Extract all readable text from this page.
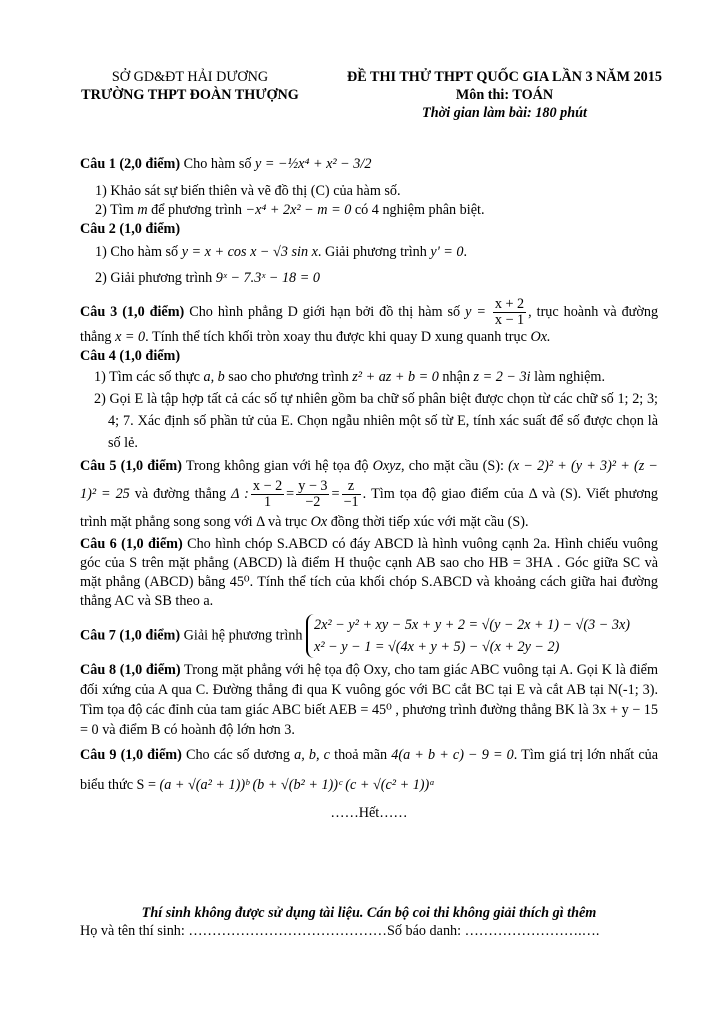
SỞ GD&ĐT HẢI DƯƠNG
TRƯỜNG THPT ĐOÀN THƯỢNG
ĐỀ THI THỬ THPT QUỐC GIA LẦN 3 NĂM 2015
Môn thi: TOÁN
Thời gian làm bài: 180 phút
Câu 1 (2,0 điểm) Cho hàm số y = −½x⁴ + x² − 3/2

1) Khảo sát sự biến thiên và vẽ đồ thị (C) của hàm số.

2) Tìm m để phương trình −x⁴ + 2x² − m = 0 có 4 nghiệm phân biệt.

Câu 2 (1,0 điểm)

1) Cho hàm số y = x + cos x − √3 sin x. Giải phương trình y' = 0.

2) Giải phương trình 9ˣ − 7.3ˣ − 18 = 0

Câu 3 (1,0 điểm) Cho hình phẳng D giới hạn bởi đồ thị hàm số $y = \frac{x + 2}{x - 1}$ , trục hoành và đường thẳng x = 0. Tính thể tích khối tròn xoay thu được khi quay D xung quanh trục Ox.

Câu 4 (1,0 điểm)

1) Tìm các số thực a, b sao cho phương trình z² + az + b = 0 nhận z = 2 − 3i làm nghiệm.

2) Gọi E là tập hợp tất cả các số tự nhiên gồm ba chữ số phân biệt được chọn từ các chữ số 1; 2; 3; 4; 7. Xác định số phần tử của E. Chọn ngẫu nhiên một số từ E, tính xác suất để số được chọn là số lẻ.

Câu 5 (1,0 điểm) Trong không gian với hệ tọa độ Oxyz, cho mặt cầu (S): (x − 2)² + (y + 3)² + (z − 1)² = 25 và đường thẳng Δ : $\frac{x - 2}{1} = \frac{y - 3}{-2} = \frac{z}{-1}$ . Tìm tọa độ giao điểm của Δ và (S). Viết phương trình mặt phẳng song song với Δ và trục Ox đồng thời tiếp xúc với mặt cầu (S).
Câu 6 (1,0 điểm) Cho hình chóp S.ABCD có đáy ABCD là hình vuông cạnh 2a. Hình chiếu vuông góc của S trên mặt phẳng (ABCD) là điểm H thuộc cạnh AB sao cho HB = 3HA . Góc giữa SC và mặt phẳng (ABCD) bằng 45⁰. Tính thể tích của khối chóp S.ABCD và khoảng cách giữa hai đường thẳng AC và SB theo a.
Câu 7 (1,0 điểm) Giải hệ phương trình
2x² − y² + xy − 5x + y + 2 = √(y − 2x + 1) − √(3 − 3x)
x² − y − 1 = √(4x + y + 5) − √(x + 2y − 2)
Câu 8 (1,0 điểm) Trong mặt phẳng với hệ tọa độ Oxy, cho tam giác ABC vuông tại A. Gọi K là điểm đối xứng của A qua C. Đường thẳng đi qua K vuông góc với BC cắt BC tại E và cắt AB tại N(-1; 3). Tìm tọa độ các đỉnh của tam giác ABC biết AEB = 45⁰ , phương trình đường thẳng BK là 3x + y − 15 = 0 và điểm B có hoành độ lớn hơn 3.
Câu 9 (1,0 điểm) Cho các số dương a, b, c thoả mãn 4(a + b + c) − 9 = 0. Tìm giá trị lớn nhất của biểu thức S = (a + √(a² + 1))ᵇ (b + √(b² + 1))ᶜ (c + √(c² + 1))ᵃ
……Hết……
Thí sinh không được sử dụng tài liệu. Cán bộ coi thi không giải thích gì thêm
Họ và tên thí sinh: ……………………………………Số báo danh: …………………….….
